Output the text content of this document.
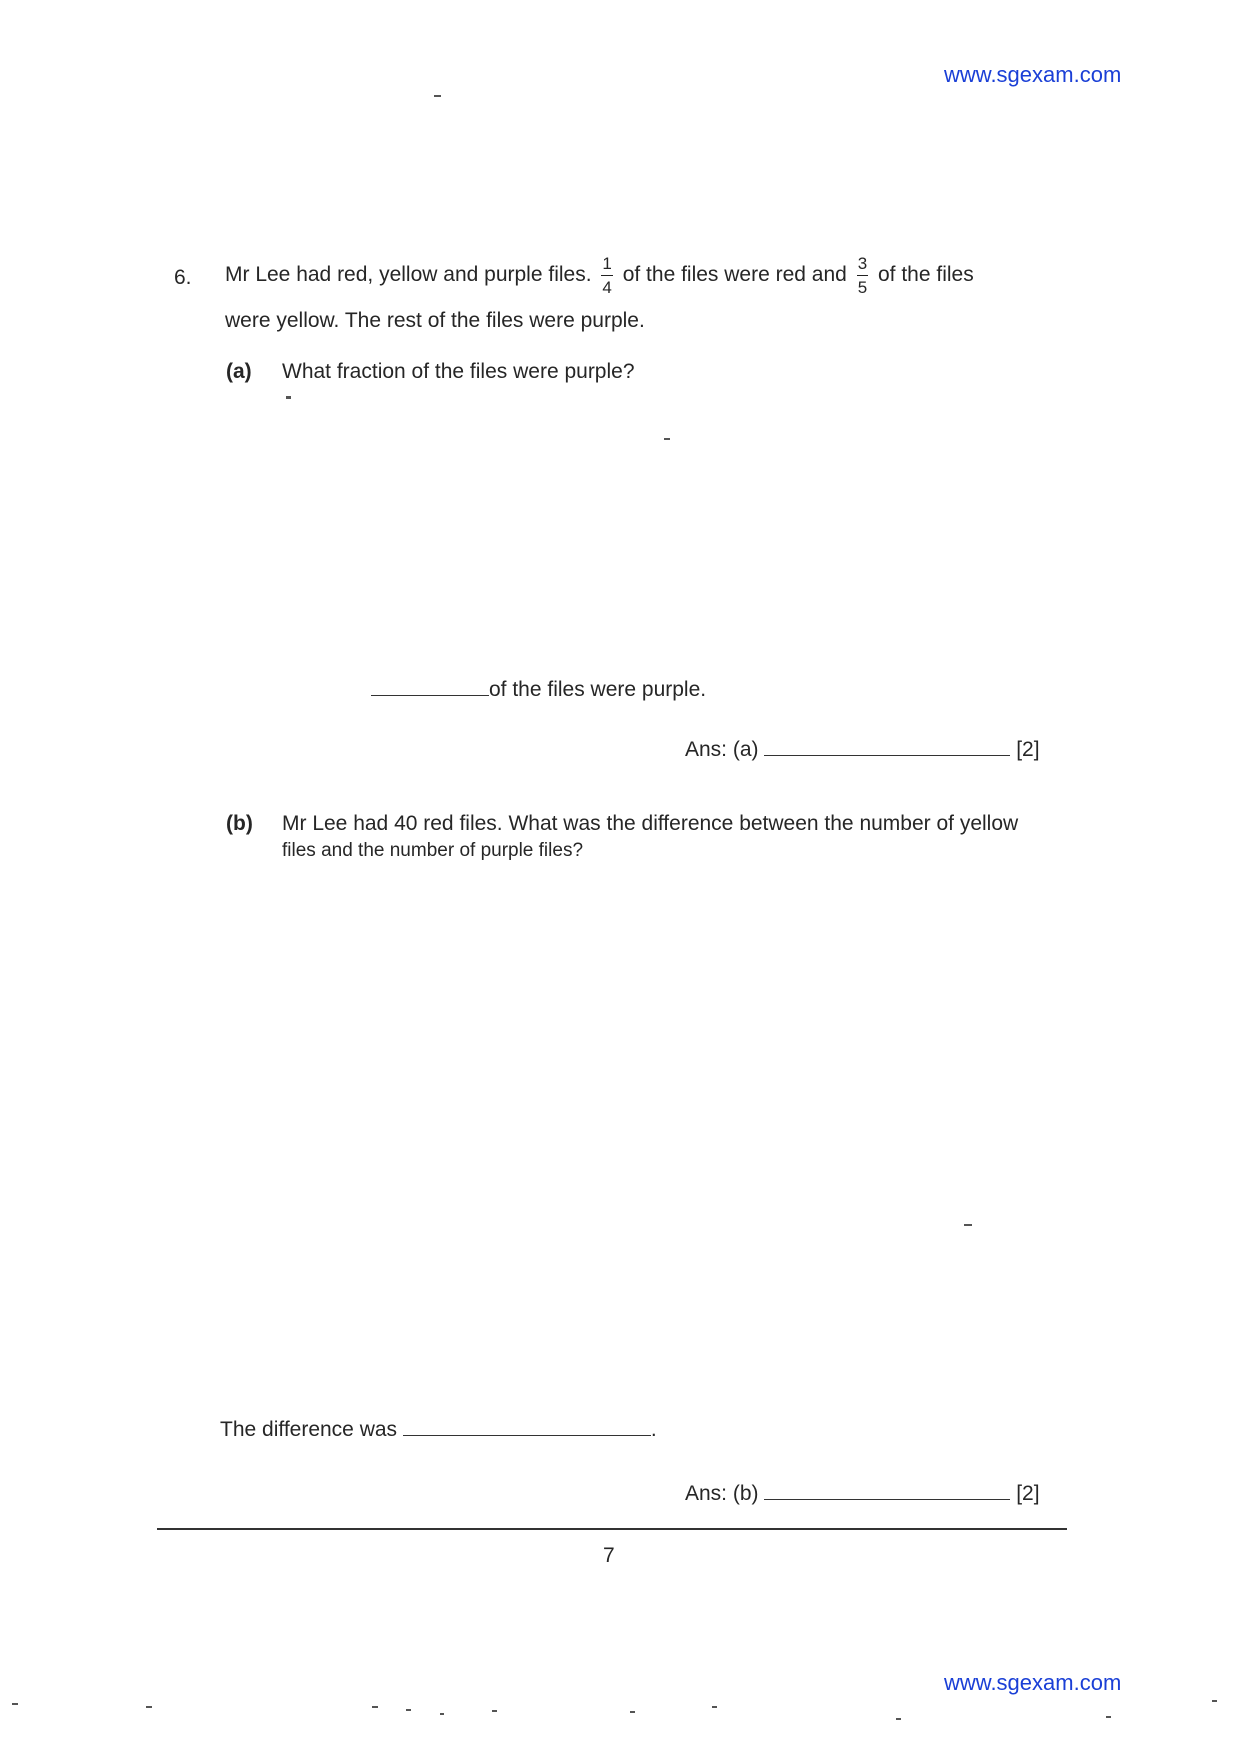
www.sgexam.com
6. Mr Lee had red, yellow and purple files. $\frac{1}{4}$ of the files were red and $\frac{3}{5}$ of the files
were yellow. The rest of the files were purple.
(a) What fraction of the files were purple?
of the files were purple.
Ans: (a)	[2]
(b) Mr Lee had 40 red files. What was the difference between the number of yellow
files and the number of purple files?
The difference was	.
Ans: (b)	[2]
7
www.sgexam.com
